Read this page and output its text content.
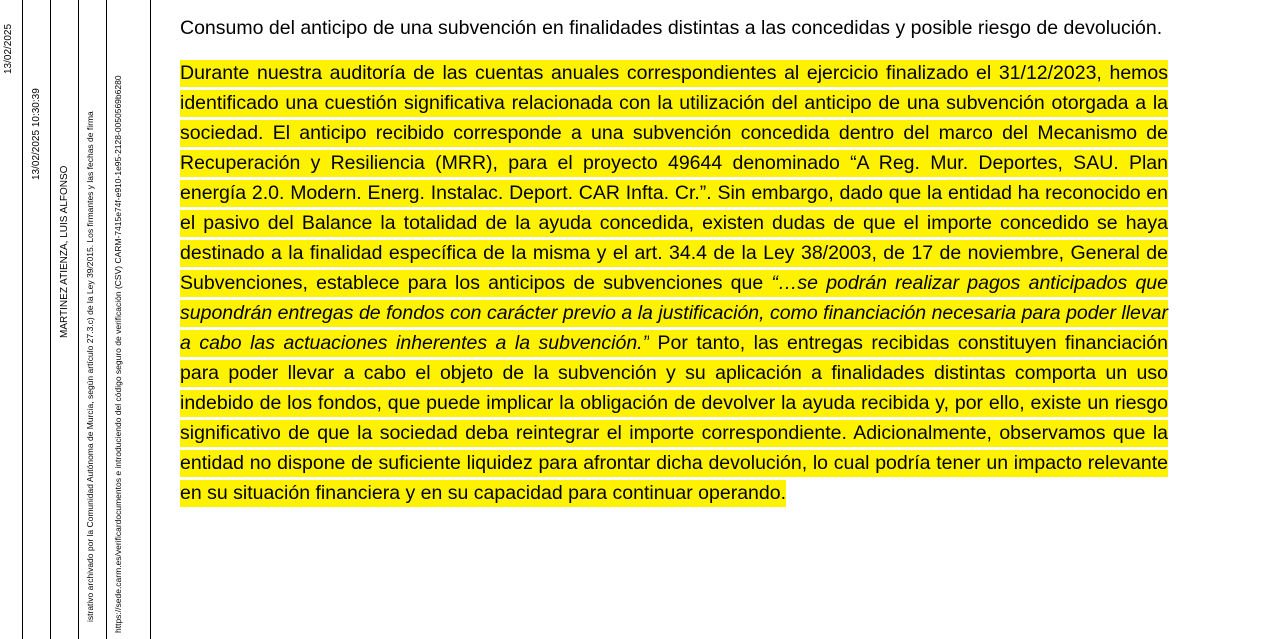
13/02/2025
13/02/2025 10:30:39
MARTINEZ ATIENZA, LUIS ALFONSO istrativo archivado por la Comunidad Autónoma de Murcia, según artículo 27.3.c) de la Ley 39/2015. Los firmantes y las fechas de firma https://sede.carm.es/verificardocumentos e introduciendo del código seguro de verificación (CSV) CARM-7415e74f-e910-1e95-2128-0050569b6280

Consumo del anticipo de una subvención en finalidades distintas a las concedidas y posible riesgo de devolución.

Durante nuestra auditoría de las cuentas anuales correspondientes al ejercicio finalizado el 31/12/2023, hemos identificado una cuestión significativa relacionada con la utilización del anticipo de una subvención otorgada a la sociedad. El anticipo recibido corresponde a una subvención concedida dentro del marco del Mecanismo de Recuperación y Resiliencia (MRR), para el proyecto 49644 denominado “A Reg. Mur. Deportes, SAU. Plan energía 2.0. Modern. Energ. Instalac. Deport. CAR Infta. Cr.”. Sin embargo, dado que la entidad ha reconocido en el pasivo del Balance la totalidad de la ayuda concedida, existen dudas de que el importe concedido se haya destinado a la finalidad específica de la misma y el art. 34.4 de la Ley 38/2003, de 17 de noviembre, General de Subvenciones, establece para los anticipos de subvenciones que “…se podrán realizar pagos anticipados que supondrán entregas de fondos con carácter previo a la justificación, como financiación necesaria para poder llevar a cabo las actuaciones inherentes a la subvención.” Por tanto, las entregas recibidas constituyen financiación para poder llevar a cabo el objeto de la subvención y su aplicación a finalidades distintas comporta un uso indebido de los fondos, que puede implicar la obligación de devolver la ayuda recibida y, por ello, existe un riesgo significativo de que la sociedad deba reintegrar el importe correspondiente. Adicionalmente, observamos que la entidad no dispone de suficiente liquidez para afrontar dicha devolución, lo cual podría tener un impacto relevante en su situación financiera y en su capacidad para continuar operando.
